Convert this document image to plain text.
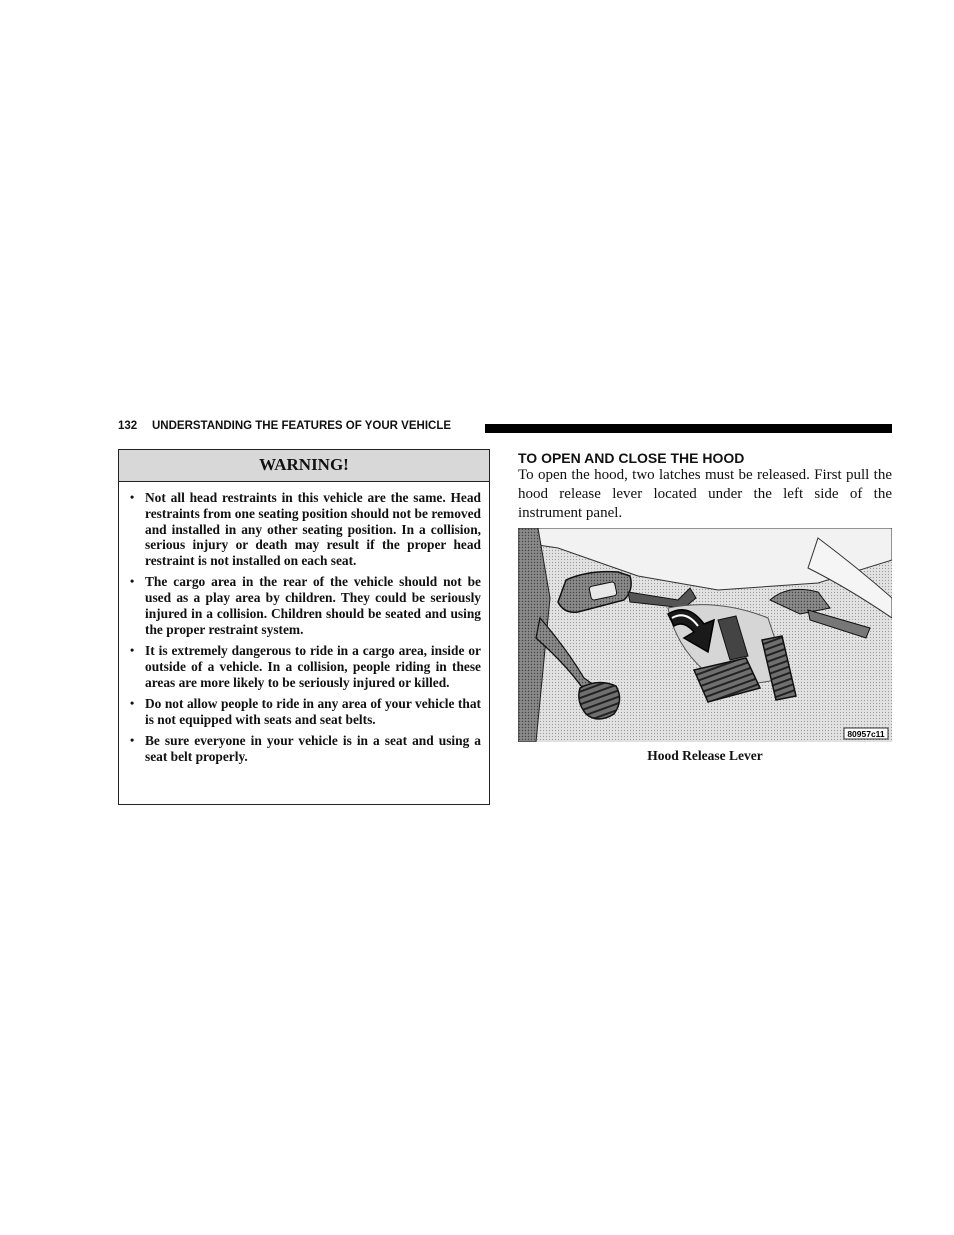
132 UNDERSTANDING THE FEATURES OF YOUR VEHICLE
WARNING!
• Not all head restraints in this vehicle are the same. Head restraints from one seating position should not be removed and installed in any other seating position. In a collision, serious injury or death may result if the proper head restraint is not installed on each seat.
• The cargo area in the rear of the vehicle should not be used as a play area by children. They could be seriously injured in a collision. Children should be seated and using the proper restraint system.
• It is extremely dangerous to ride in a cargo area, inside or outside of a vehicle. In a collision, people riding in these areas are more likely to be seriously injured or killed.
• Do not allow people to ride in any area of your vehicle that is not equipped with seats and seat belts.
• Be sure everyone in your vehicle is in a seat and using a seat belt properly.
TO OPEN AND CLOSE THE HOOD

To open the hood, two latches must be released. First pull the hood release lever located under the left side of the instrument panel.

80957c11
Hood Release Lever
